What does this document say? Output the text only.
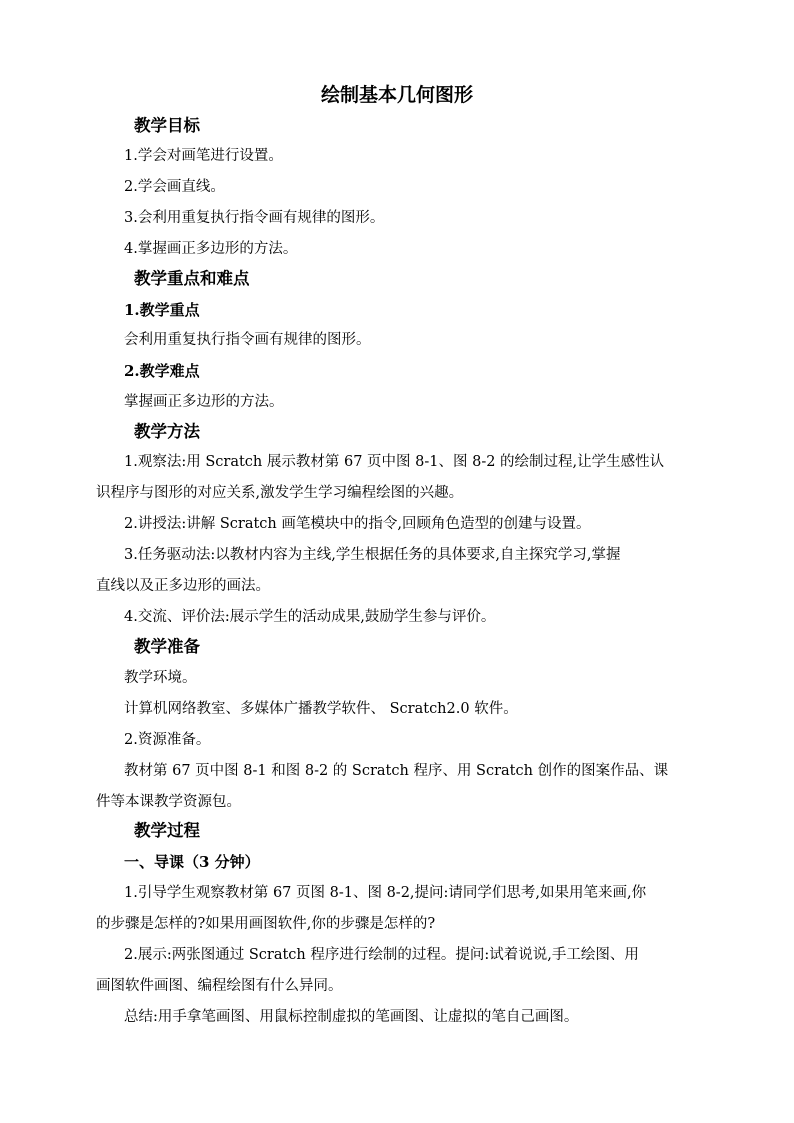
绘制基本几何图形
教学目标
1.学会对画笔进行设置。
2.学会画直线。
3.会利用重复执行指令画有规律的图形。
4.掌握画正多边形的方法。
教学重点和难点
1.教学重点
会利用重复执行指令画有规律的图形。
2.教学难点
掌握画正多边形的方法。
教学方法
1.观察法:用 Scratch 展示教材第 67 页中图 8-1、图 8-2 的绘制过程,让学生感性认
识程序与图形的对应关系,激发学生学习编程绘图的兴趣。
2.讲授法:讲解 Scratch 画笔模块中的指令,回顾角色造型的创建与设置。
3.任务驱动法:以教材内容为主线,学生根据任务的具体要求,自主探究学习,掌握
直线以及正多边形的画法。
4.交流、评价法:展示学生的活动成果,鼓励学生参与评价。
教学准备
教学环境。
计算机网络教室、多媒体广播教学软件、 Scratch2.0 软件。
2.资源准备。
教材第 67 页中图 8-1 和图 8-2 的 Scratch 程序、用 Scratch 创作的图案作品、课
件等本课教学资源包。
教学过程
一、导课（3 分钟）
1.引导学生观察教材第 67 页图 8-1、图 8-2,提问:请同学们思考,如果用笔来画,你
的步骤是怎样的?如果用画图软件,你的步骤是怎样的?
2.展示:两张图通过 Scratch 程序进行绘制的过程。提问:试着说说,手工绘图、用
画图软件画图、编程绘图有什么异同。
总结:用手拿笔画图、用鼠标控制虚拟的笔画图、让虚拟的笔自己画图。
